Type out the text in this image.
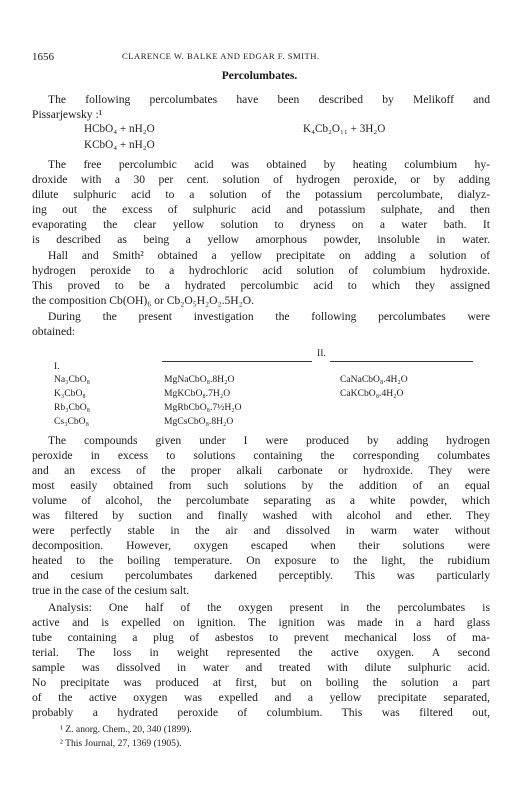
1656	CLARENCE W. BALKE AND EDGAR F. SMITH.
Percolumbates.
The following percolumbates have been described by Melikoff and
Pissarjewsky :¹
HCbO₄ + nH₂O
KCbO₄ + nH₂O
K₄Cb₂O₁₁ + 3H₂O
The free percolumbic acid was obtained by heating columbium hy-
droxide with a 30 per cent. solution of hydrogen peroxide, or by adding
dilute sulphuric acid to a solution of the potassium percolumbate, dialyz-
ing out the excess of sulphuric acid and potassium sulphate, and then
evaporating the clear yellow solution to dryness on a water bath. It
is described as being a yellow amorphous powder, insoluble in water.
Hall and Smith² obtained a yellow precipitate on adding a solution of
hydrogen peroxide to a hydrochloric acid solution of columbium hydroxide.
This proved to be a hydrated percolumbic acid to which they assigned
the composition Cb(OH)₆ or Cb₂O₅H₂O₂.5H₂O.
During the present investigation the following percolumbates were
obtained:
I.
II.
Na₃CbO₈
K₃CbO₈
Rb₃CbO₈
Cs₃CbO₈
MgNaCbO₈.8H₂O
MgKCbO₈.7H₂O
MgRbCbO₈.7½H₂O
MgCsCbO₈.8H₂O
CaNaCbO₈.4H₂O
CaKCbO₈.4H₂O
The compounds given under I were produced by adding hydrogen
peroxide in excess to solutions containing the corresponding columbates
and an excess of the proper alkali carbonate or hydroxide. They were
most easily obtained from such solutions by the addition of an equal
volume of alcohol, the percolumbate separating as a white powder, which
was filtered by suction and finally washed with alcohol and ether. They
were perfectly stable in the air and dissolved in warm water without
decomposition. However, oxygen escaped when their solutions were
heated to the boiling temperature. On exposure to the light, the rubidium
and cesium percolumbates darkened perceptibly. This was particularly
true in the case of the cesium salt.
Analysis: One half of the oxygen present in the percolumbates is
active and is expelled on ignition. The ignition was made in a hard glass
tube containing a plug of asbestos to prevent mechanical loss of ma-
terial. The loss in weight represented the active oxygen. A second
sample was dissolved in water and treated with dilute sulphuric acid.
No precipitate was produced at first, but on boiling the solution a part
of the active oxygen was expelled and a yellow precipitate separated,
probably a hydrated peroxide of columbium. This was filtered out,
¹ Z. anorg. Chem., 20, 340 (1899).
² This Journal, 27, 1369 (1905).
